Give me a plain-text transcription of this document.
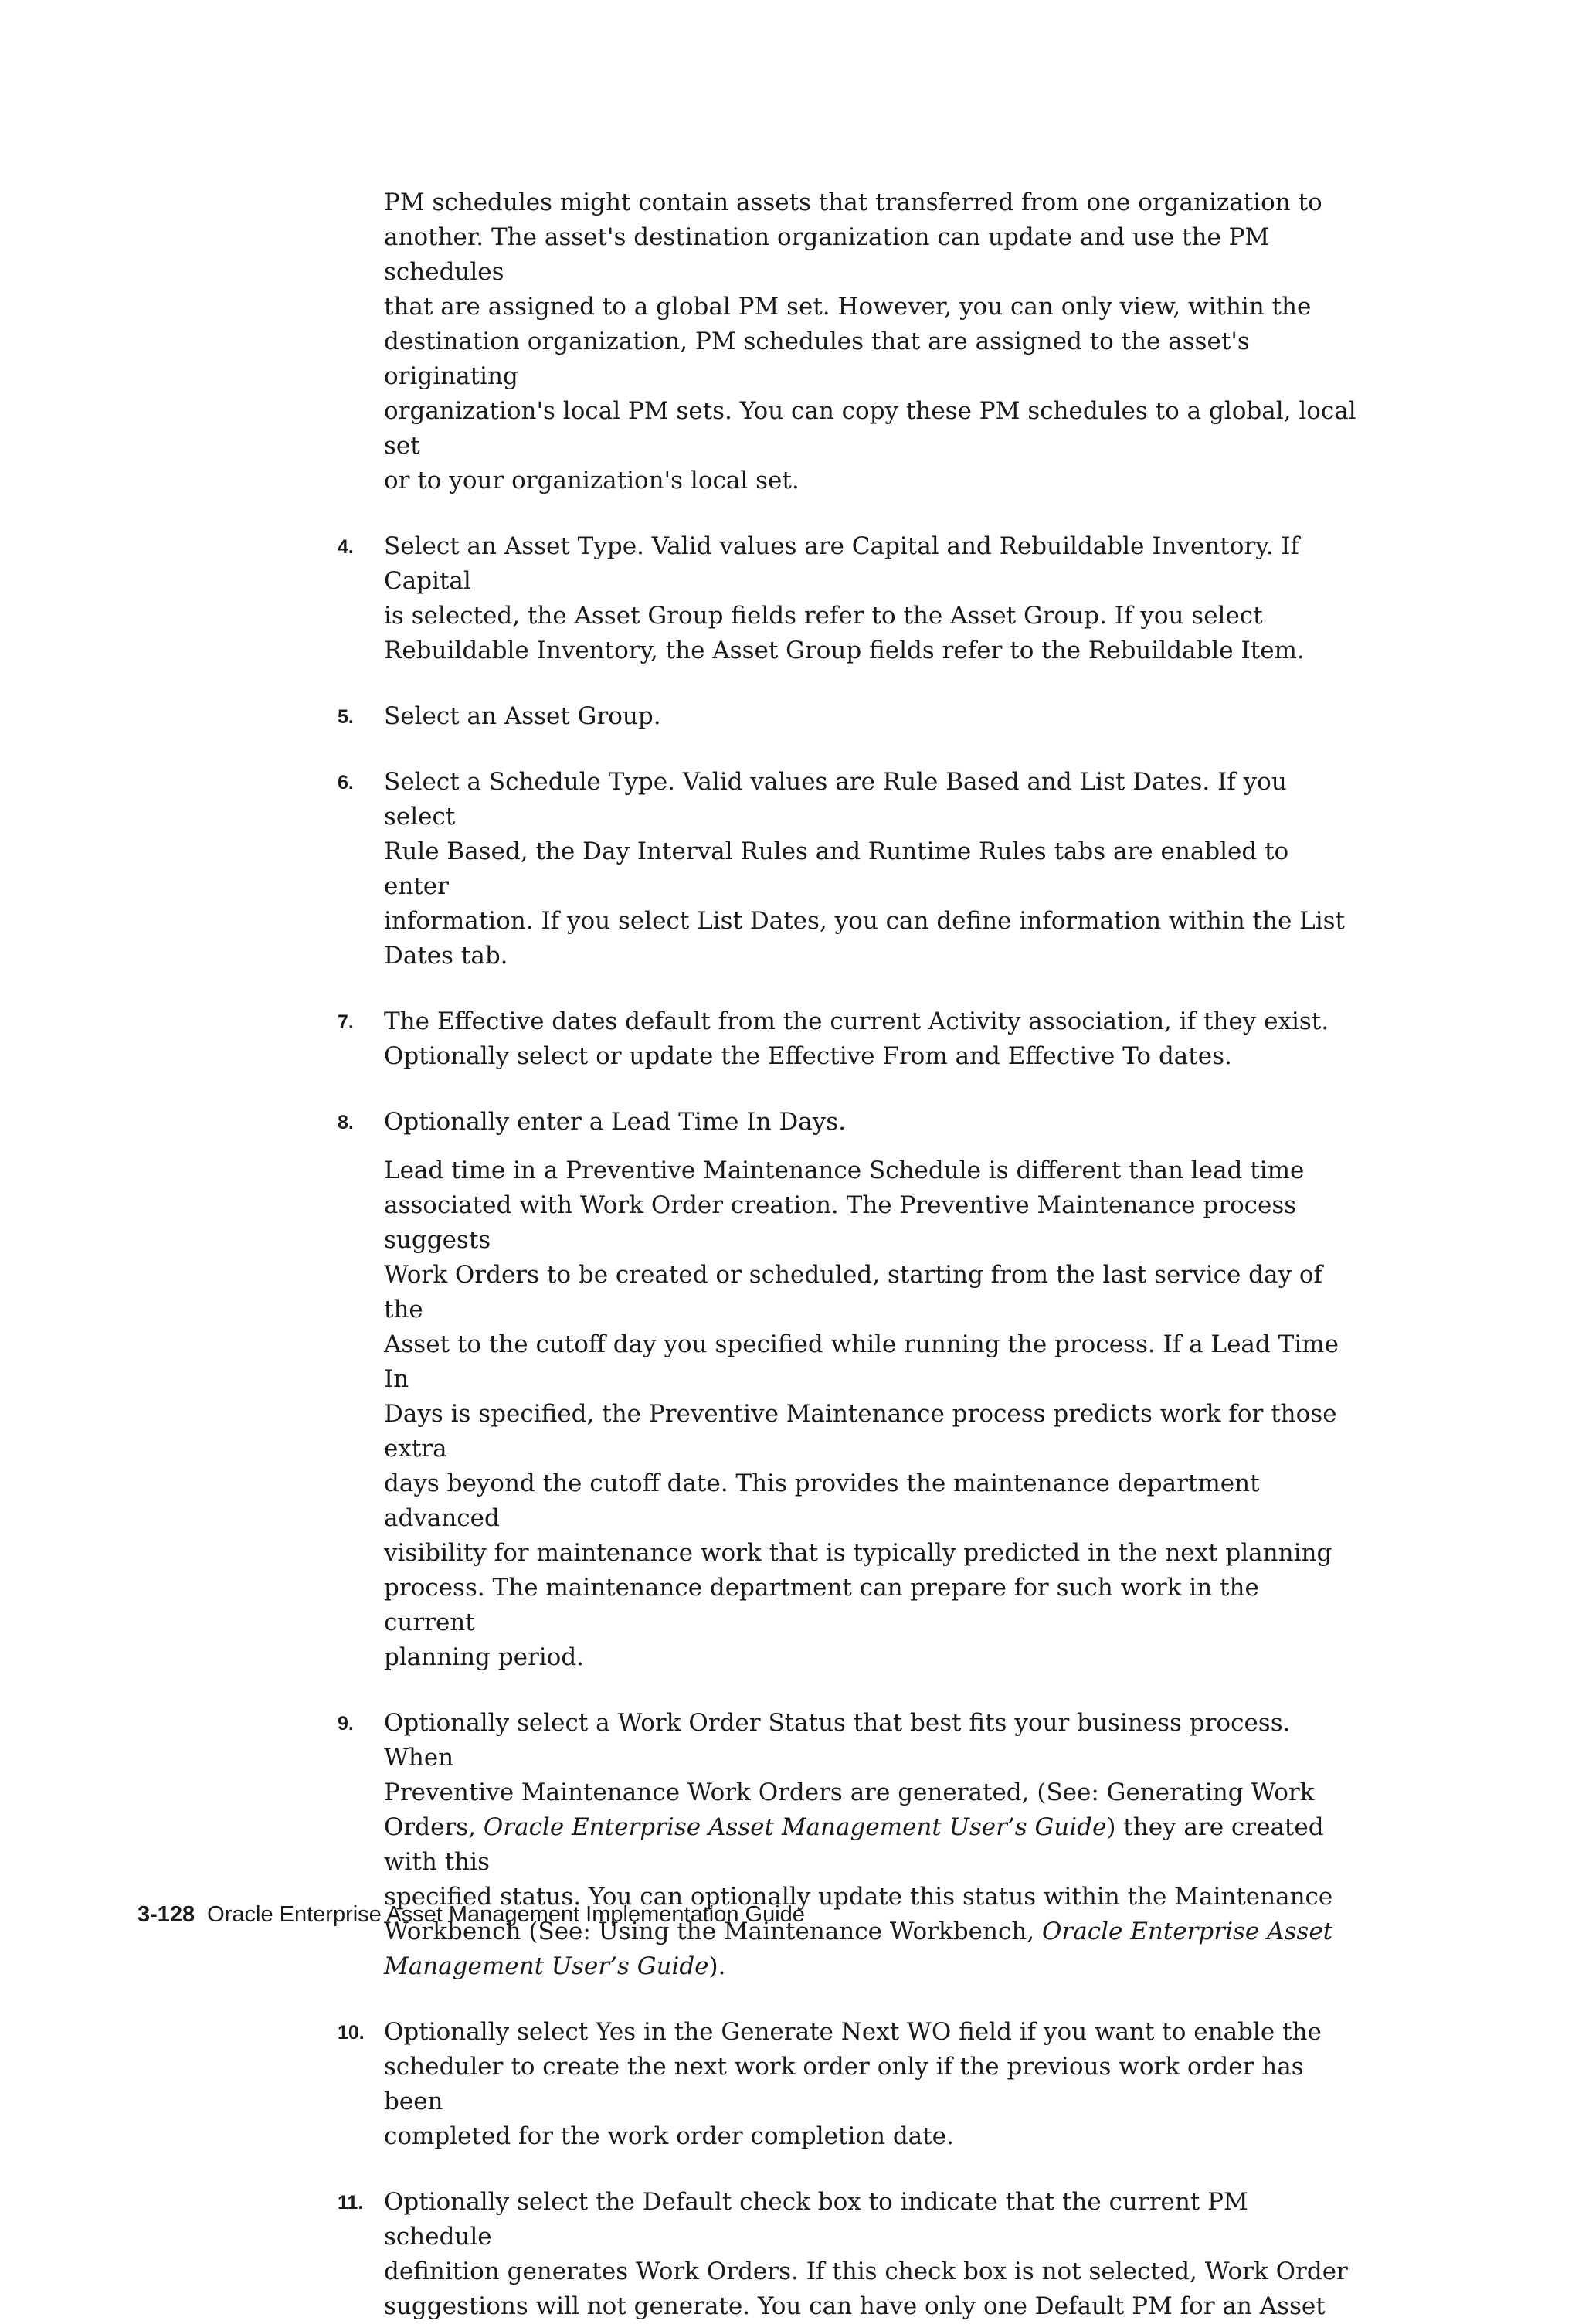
PM schedules might contain assets that transferred from one organization to
another. The asset's destination organization can update and use the PM schedules
that are assigned to a global PM set. However, you can only view, within the
destination organization, PM schedules that are assigned to the asset's originating
organization's local PM sets. You can copy these PM schedules to a global, local set
or to your organization's local set.

4. Select an Asset Type. Valid values are Capital and Rebuildable Inventory. If Capital
is selected, the Asset Group fields refer to the Asset Group. If you select
Rebuildable Inventory, the Asset Group fields refer to the Rebuildable Item.

5. Select an Asset Group.

6. Select a Schedule Type. Valid values are Rule Based and List Dates. If you select
Rule Based, the Day Interval Rules and Runtime Rules tabs are enabled to enter
information. If you select List Dates, you can define information within the List
Dates tab.

7. The Effective dates default from the current Activity association, if they exist.
Optionally select or update the Effective From and Effective To dates.

8. Optionally enter a Lead Time In Days.

Lead time in a Preventive Maintenance Schedule is different than lead time
associated with Work Order creation. The Preventive Maintenance process suggests
Work Orders to be created or scheduled, starting from the last service day of the
Asset to the cutoff day you specified while running the process. If a Lead Time In
Days is specified, the Preventive Maintenance process predicts work for those extra
days beyond the cutoff date. This provides the maintenance department advanced
visibility for maintenance work that is typically predicted in the next planning
process. The maintenance department can prepare for such work in the current
planning period.

9. Optionally select a Work Order Status that best fits your business process. When
Preventive Maintenance Work Orders are generated, (See: Generating Work
Orders, Oracle Enterprise Asset Management User’s Guide) they are created with this
specified status. You can optionally update this status within the Maintenance
Workbench (See: Using the Maintenance Workbench, Oracle Enterprise Asset
Management User’s Guide).

10. Optionally select Yes in the Generate Next WO field if you want to enable the
scheduler to create the next work order only if the previous work order has been
completed for the work order completion date.

11. Optionally select the Default check box to indicate that the current PM schedule
definition generates Work Orders. If this check box is not selected, Work Order
suggestions will not generate. You can have only one Default PM for an Asset

3-128 Oracle Enterprise Asset Management Implementation Guide
